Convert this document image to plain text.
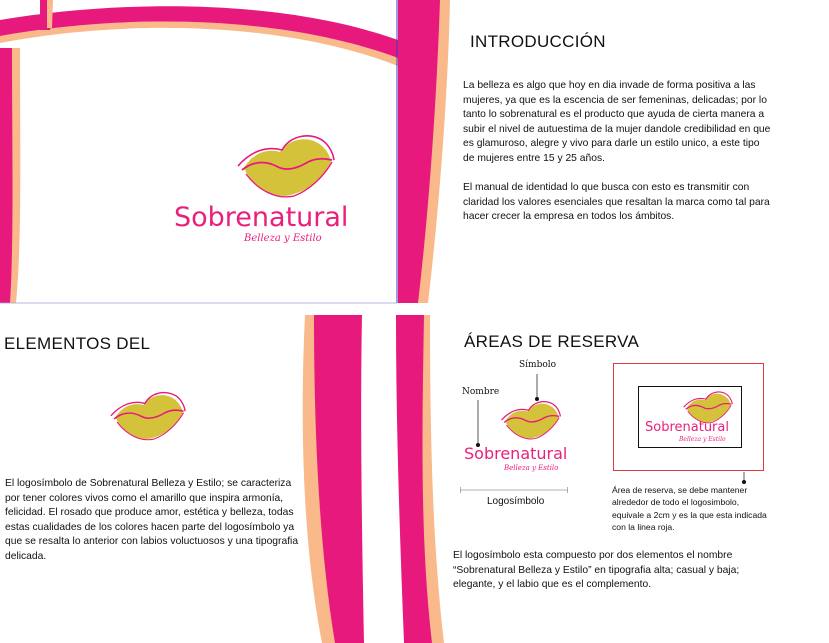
Sobrenatural
Belleza y Estilo
INTRODUCCIÓN
La belleza es algo que hoy en dia invade de forma positiva a las mujeres, ya que es la escencia de ser femeninas, delicadas; por lo tanto lo sobrenatural es el producto que ayuda de cierta manera a subir el nivel de autuestima de la mujer dandole credibilidad en que es glamuroso, alegre y vivo para darle un estilo unico, a este tipo de mujeres entre 15 y 25 años.
El manual de identidad lo que busca con esto es transmitir con claridad los valores esenciales que resaltan la marca como tal para hacer crecer la empresa en todos los ámbitos.
ELEMENTOS DEL
El logosímbolo de Sobrenatural Belleza y Estilo; se caracteriza por tener colores vivos como el amarillo que inspira armonía, felicidad. El rosado que produce amor, estética y belleza, todas estas cualidades de los colores hacen parte del logosímbolo ya que se resalta lo anterior con labios voluctuosos y una tipografia delicada.
ÁREAS DE RESERVA
Símbolo
Nombre
Sobrenatural
Belleza y Estilo
Logosímbolo
Sobrenatural
Belleza y Estilo
Área de reserva, se debe mantener alrededor de todo el logosimbolo, equivale a 2cm y es la que esta indicada con la linea roja.
El logosímbolo esta compuesto por dos elementos el nombre “Sobrenatural Belleza y Estilo” en tipografia alta; casual y baja; elegante, y el labio que es el complemento.
